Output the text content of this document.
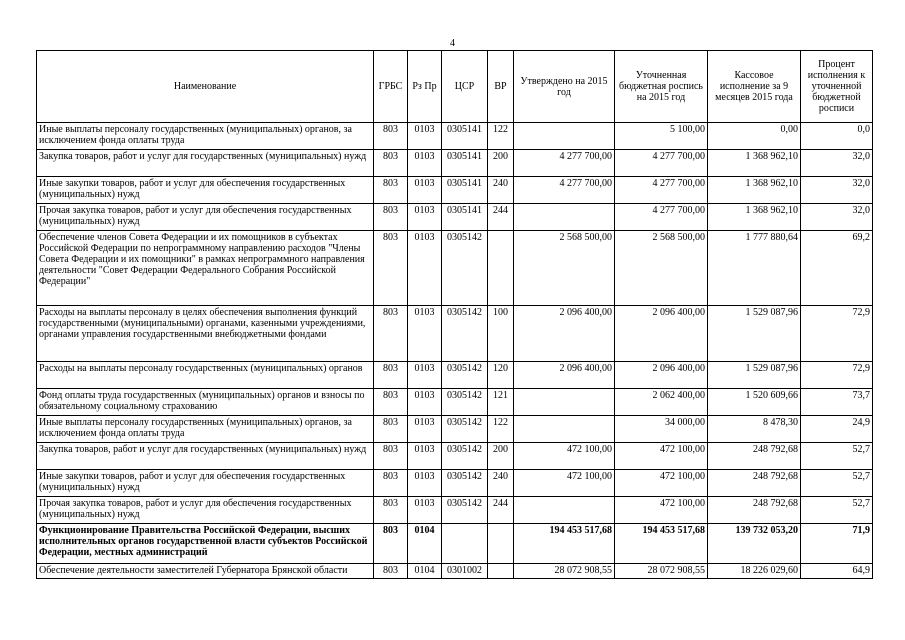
4
Наименование	ГРБС	Рз Пр	ЦСР	ВР	Утверждено на 2015 год	Уточненная бюджетная роспись на 2015 год	Кассовое исполнение за 9 месяцев 2015 года	Процент исполнения к уточненной бюджетной росписи
Иные выплаты персоналу государственных (муниципальных) органов, за исключением фонда оплаты труда	803	0103	0305141	122		5 100,00	0,00	0,0
Закупка товаров, работ и услуг для государственных (муниципальных) нужд	803	0103	0305141	200	4 277 700,00	4 277 700,00	1 368 962,10	32,0
Иные закупки товаров, работ и услуг для обеспечения государственных (муниципальных) нужд	803	0103	0305141	240	4 277 700,00	4 277 700,00	1 368 962,10	32,0
Прочая закупка товаров, работ и услуг для обеспечения государственных (муниципальных) нужд	803	0103	0305141	244		4 277 700,00	1 368 962,10	32,0
Обеспечение членов Совета Федерации и их помощников в субъектах Российской Федерации по непрограммному направлению расходов "Члены Совета Федерации и их помощники" в рамках непрограммного направления деятельности "Совет Федерации Федерального Собрания Российской Федерации"	803	0103	0305142		2 568 500,00	2 568 500,00	1 777 880,64	69,2
Расходы на выплаты персоналу в целях обеспечения выполнения функций государственными (муниципальными) органами, казенными учреждениями, органами управления государственными внебюджетными фондами	803	0103	0305142	100	2 096 400,00	2 096 400,00	1 529 087,96	72,9
Расходы на выплаты персоналу государственных (муниципальных) органов	803	0103	0305142	120	2 096 400,00	2 096 400,00	1 529 087,96	72,9
Фонд оплаты труда государственных (муниципальных) органов и взносы по обязательному социальному страхованию	803	0103	0305142	121		2 062 400,00	1 520 609,66	73,7
Иные выплаты персоналу государственных (муниципальных) органов, за исключением фонда оплаты труда	803	0103	0305142	122		34 000,00	8 478,30	24,9
Закупка товаров, работ и услуг для государственных (муниципальных) нужд	803	0103	0305142	200	472 100,00	472 100,00	248 792,68	52,7
Иные закупки товаров, работ и услуг для обеспечения государственных (муниципальных) нужд	803	0103	0305142	240	472 100,00	472 100,00	248 792,68	52,7
Прочая закупка товаров, работ и услуг для обеспечения государственных (муниципальных) нужд	803	0103	0305142	244		472 100,00	248 792,68	52,7
Функционирование Правительства Российской Федерации, высших исполнительных органов государственной власти субъектов Российской Федерации, местных администраций	803	0104			194 453 517,68	194 453 517,68	139 732 053,20	71,9
Обеспечение деятельности заместителей Губернатора Брянской области	803	0104	0301002		28 072 908,55	28 072 908,55	18 226 029,60	64,9
